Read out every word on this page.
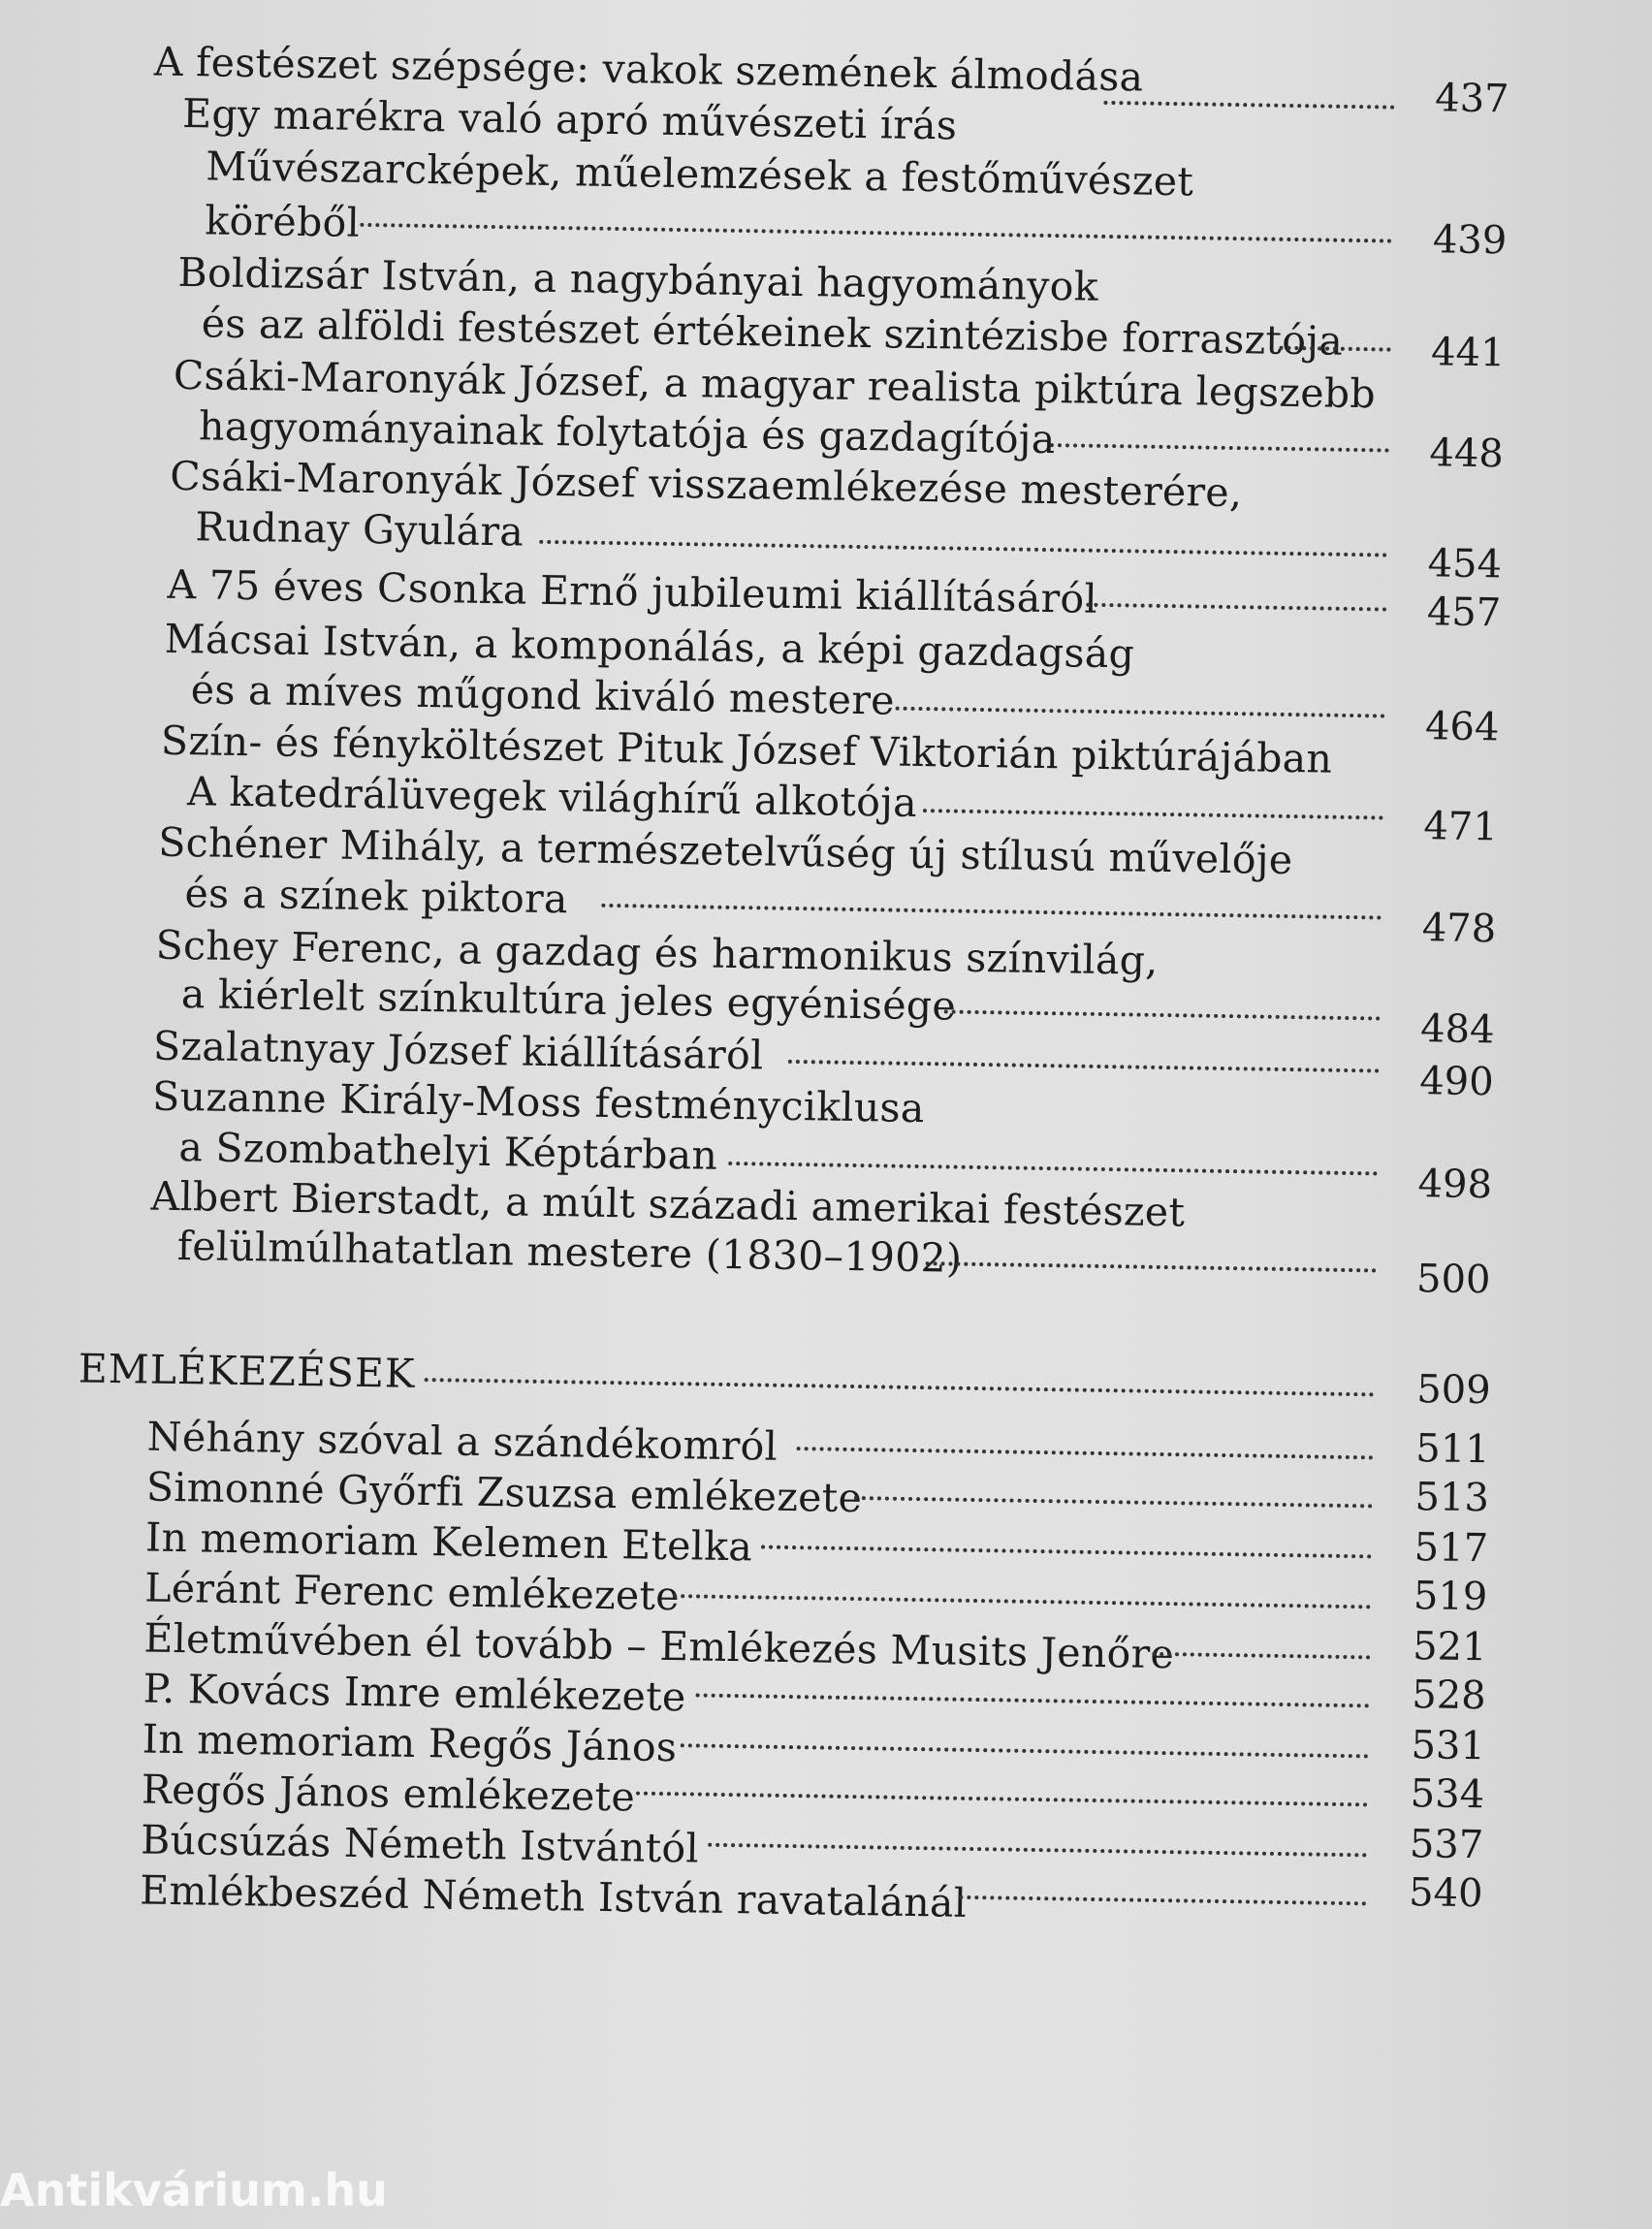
A festészet szépsége: vakok szemének álmodása	437
Egy marékra való apró művészeti írás
Művészarcképek, műelemzések a festőművészet
köréből	439
Boldizsár István, a nagybányai hagyományok
és az alföldi festészet értékeinek szintézisbe forrasztója	441
Csáki-Maronyák József, a magyar realista piktúra legszebb
hagyományainak folytatója és gazdagítója	448
Csáki-Maronyák József visszaemlékezése mesterére,
Rudnay Gyulára
454
A 75 éves Csonka Ernő jubileumi kiállításáról	457
Mácsai István, a komponálás, a képi gazdagság
és a míves műgond kiváló mestere
464
Szín- és fényköltészet Pituk József Viktorián piktúrájában
A katedrálüvegek világhírű alkotója
471
Schéner Mihály, a természetelvűség új stílusú művelője
és a színek piktora
478
Schey Ferenc, a gazdag és harmonikus színvilág,
a kiérlelt színkultúra jeles egyénisége
484
Szalatnyay József kiállításáról
490
Suzanne Király-Moss festményciklusa
a Szombathelyi Képtárban
498
Albert Bierstadt, a múlt századi amerikai festészet
felülmúlhatatlan mestere (1830–1902)	500
EMLÉKEZÉSEK	509
Néhány szóval a szándékomról	511
Simonné Győrfi Zsuzsa emlékezete	513
In memoriam Kelemen Etelka	517
Léránt Ferenc emlékezete	519
Életművében él tovább – Emlékezés Musits Jenőre	521
P. Kovács Imre emlékezete	528
In memoriam Regős János	531
Regős János emlékezete	534
Búcsúzás Németh Istvántól	537
Emlékbeszéd Németh István ravatalánál	540
Antikvárium.hu
